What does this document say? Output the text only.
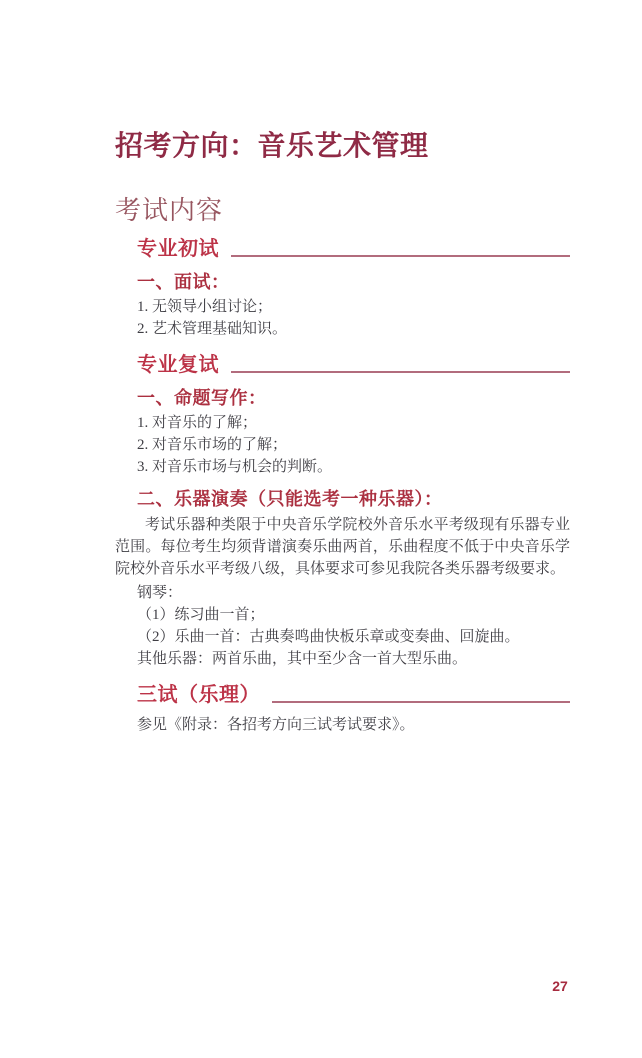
招考方向：音乐艺术管理
考试内容
专业初试
一、面试：
1. 无领导小组讨论；
2. 艺术管理基础知识。
专业复试
一、命题写作：
1. 对音乐的了解；
2. 对音乐市场的了解；
3. 对音乐市场与机会的判断。
二、乐器演奏（只能选考一种乐器）：
考试乐器种类限于中央音乐学院校外音乐水平考级现有乐器专业范围。每位考生均须背谱演奏乐曲两首，乐曲程度不低于中央音乐学院校外音乐水平考级八级，具体要求可参见我院各类乐器考级要求。
钢琴：
（1）练习曲一首；
（2）乐曲一首：古典奏鸣曲快板乐章或变奏曲、回旋曲。
其他乐器：两首乐曲，其中至少含一首大型乐曲。
三试（乐理）
参见《附录：各招考方向三试考试要求》。
27
